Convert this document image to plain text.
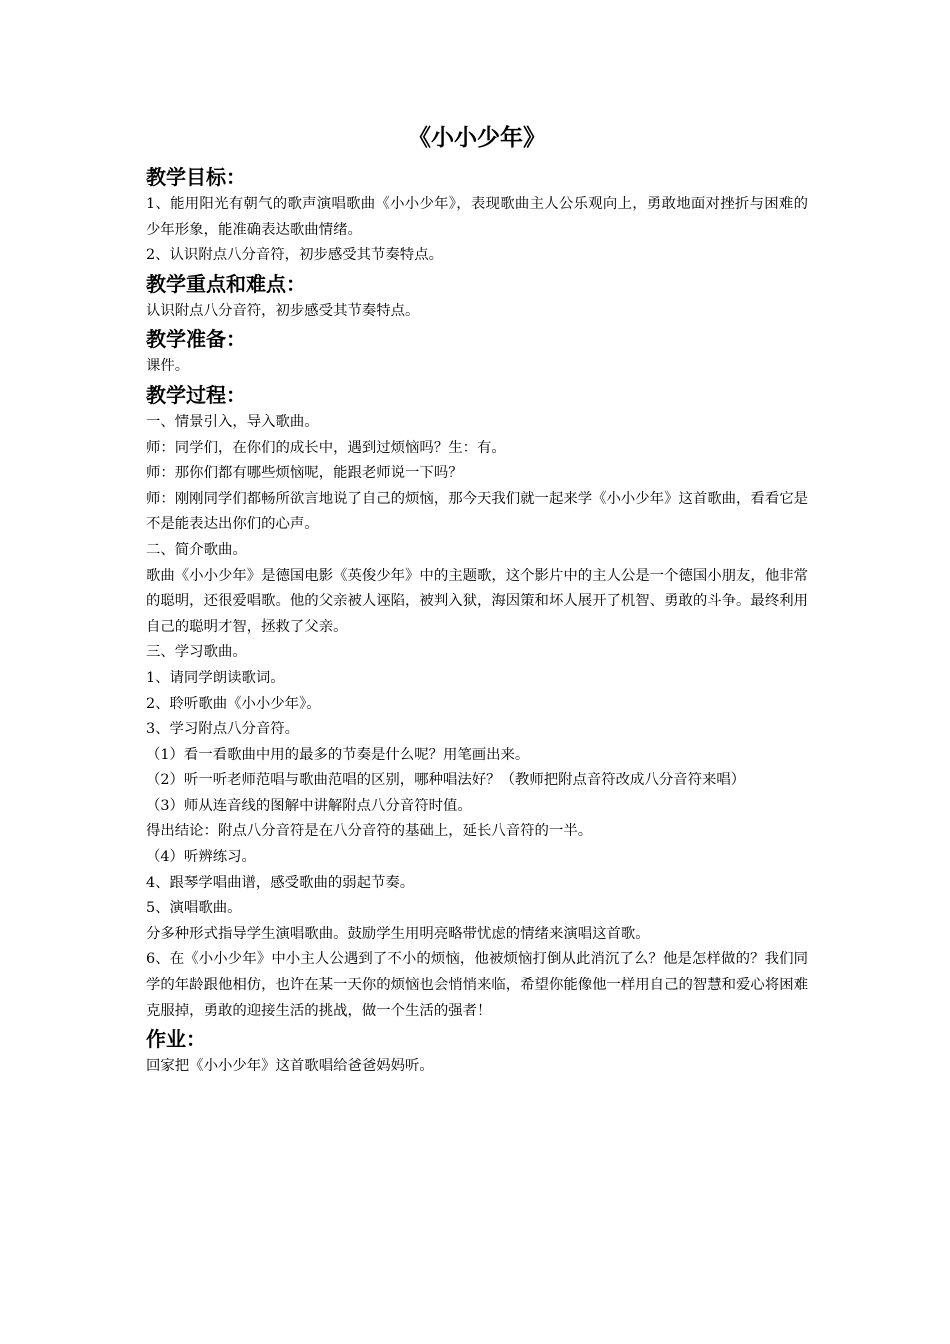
《小小少年》
教学目标：

1、能用阳光有朝气的歌声演唱歌曲《小小少年》，表现歌曲主人公乐观向上，勇敢地面对挫折与困难的少年形象，能准确表达歌曲情绪。

2、认识附点八分音符，初步感受其节奏特点。

教学重点和难点：

认识附点八分音符，初步感受其节奏特点。

教学准备：

课件。

教学过程：

一、情景引入，导入歌曲。

师：同学们，在你们的成长中，遇到过烦恼吗？生：有。

师：那你们都有哪些烦恼呢，能跟老师说一下吗？

师：刚刚同学们都畅所欲言地说了自己的烦恼，那今天我们就一起来学《小小少年》这首歌曲，看看它是不是能表达出你们的心声。

二、简介歌曲。

歌曲《小小少年》是德国电影《英俊少年》中的主题歌，这个影片中的主人公是一个德国小朋友，他非常的聪明，还很爱唱歌。他的父亲被人诬陷，被判入狱，海因策和坏人展开了机智、勇敢的斗争。最终利用自己的聪明才智，拯救了父亲。

三、学习歌曲。

1、请同学朗读歌词。

2、聆听歌曲《小小少年》。

3、学习附点八分音符。

（1）看一看歌曲中用的最多的节奏是什么呢？用笔画出来。

（2）听一听老师范唱与歌曲范唱的区别，哪种唱法好？（教师把附点音符改成八分音符来唱）

（3）师从连音线的图解中讲解附点八分音符时值。

得出结论：附点八分音符是在八分音符的基础上，延长八音符的一半。

（4）听辨练习。

4、跟琴学唱曲谱，感受歌曲的弱起节奏。

5、演唱歌曲。

分多种形式指导学生演唱歌曲。鼓励学生用明亮略带忧虑的情绪来演唱这首歌。

6、在《小小少年》中小主人公遇到了不小的烦恼，他被烦恼打倒从此消沉了么？他是怎样做的？我们同学的年龄跟他相仿，也许在某一天你的烦恼也会悄悄来临，希望你能像他一样用自己的智慧和爱心将困难克服掉，勇敢的迎接生活的挑战，做一个生活的强者！

作业：

回家把《小小少年》这首歌唱给爸爸妈妈听。
